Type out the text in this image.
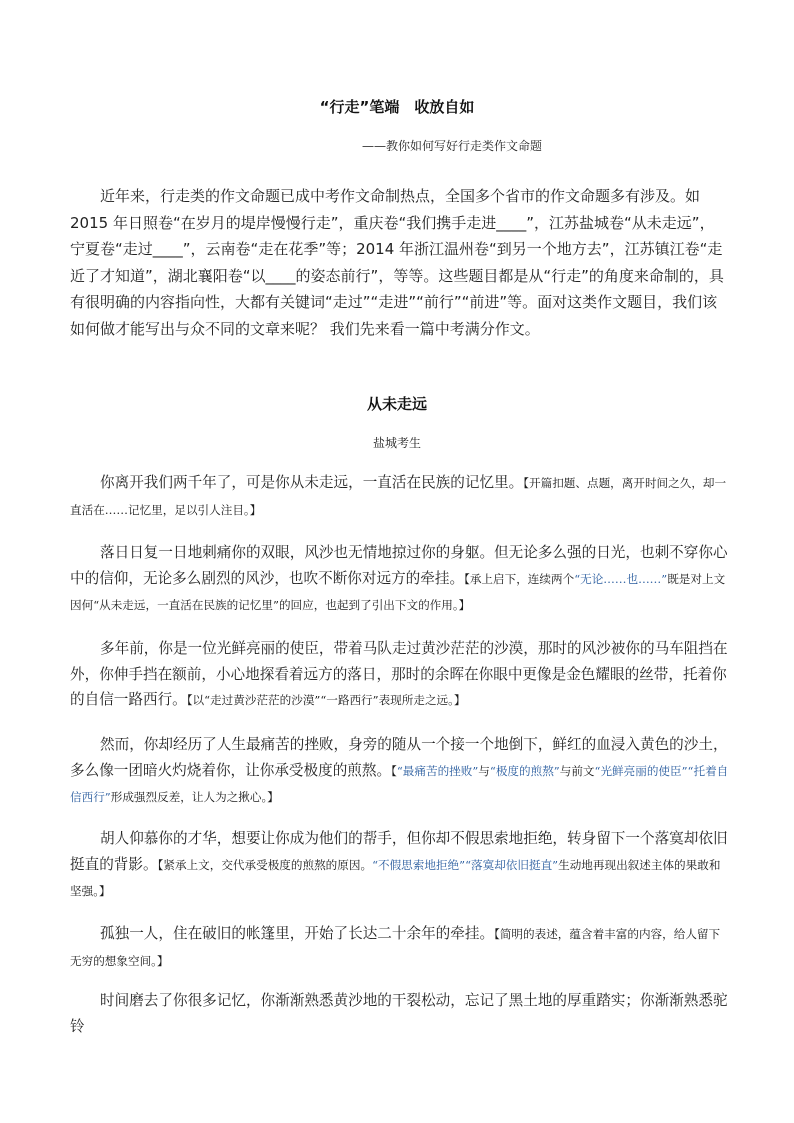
“行走”笔端　收放自如
——教你如何写好行走类作文命题

近年来，行走类的作文命题已成中考作文命制热点，全国多个省市的作文命题多有涉及。如 2015 年日照卷“在岁月的堤岸慢慢行走”，重庆卷“我们携手走进____”，江苏盐城卷“从未走远”，宁夏卷“走过____”，云南卷“走在花季”等；2014 年浙江温州卷“到另一个地方去”，江苏镇江卷“走近了才知道”，湖北襄阳卷“以____的姿态前行”，等等。这些题目都是从“行走”的角度来命制的，具有很明确的内容指向性，大都有关键词“走过”“走进”“前行”“前进”等。面对这类作文题目，我们该如何做才能写出与众不同的文章来呢？ 我们先来看一篇中考满分作文。

从未走远
盐城考生

你离开我们两千年了，可是你从未走远，一直活在民族的记忆里。【开篇扣题、点题，离开时间之久，却一直活在……记忆里，足以引人注目。】

落日日复一日地刺痛你的双眼，风沙也无情地掠过你的身躯。但无论多么强的日光，也刺不穿你心中的信仰，无论多么剧烈的风沙，也吹不断你对远方的牵挂。【承上启下，连续两个“无论……也……”既是对上文因何“从未走远，一直活在民族的记忆里”的回应，也起到了引出下文的作用。】

多年前，你是一位光鲜亮丽的使臣，带着马队走过黄沙茫茫的沙漠，那时的风沙被你的马车阻挡在外，你伸手挡在额前，小心地探看着远方的落日，那时的余晖在你眼中更像是金色耀眼的丝带，托着你的自信一路西行。【以“走过黄沙茫茫的沙漠”“一路西行”表现所走之远。】

然而，你却经历了人生最痛苦的挫败，身旁的随从一个接一个地倒下，鲜红的血浸入黄色的沙土，多么像一团暗火灼烧着你，让你承受极度的煎熬。【“最痛苦的挫败”与“极度的煎熬”与前文“光鲜亮丽的使臣”“托着自信西行”形成强烈反差，让人为之揪心。】

胡人仰慕你的才华，想要让你成为他们的帮手，但你却不假思索地拒绝，转身留下一个落寞却依旧挺直的背影。【紧承上文，交代承受极度的煎熬的原因。“不假思索地拒绝”“落寞却依旧挺直”生动地再现出叙述主体的果敢和坚强。】

孤独一人，住在破旧的帐篷里，开始了长达二十余年的牵挂。【简明的表述，蕴含着丰富的内容，给人留下无穷的想象空间。】

时间磨去了你很多记忆，你渐渐熟悉黄沙地的干裂松动，忘记了黑土地的厚重踏实；你渐渐熟悉驼铃
